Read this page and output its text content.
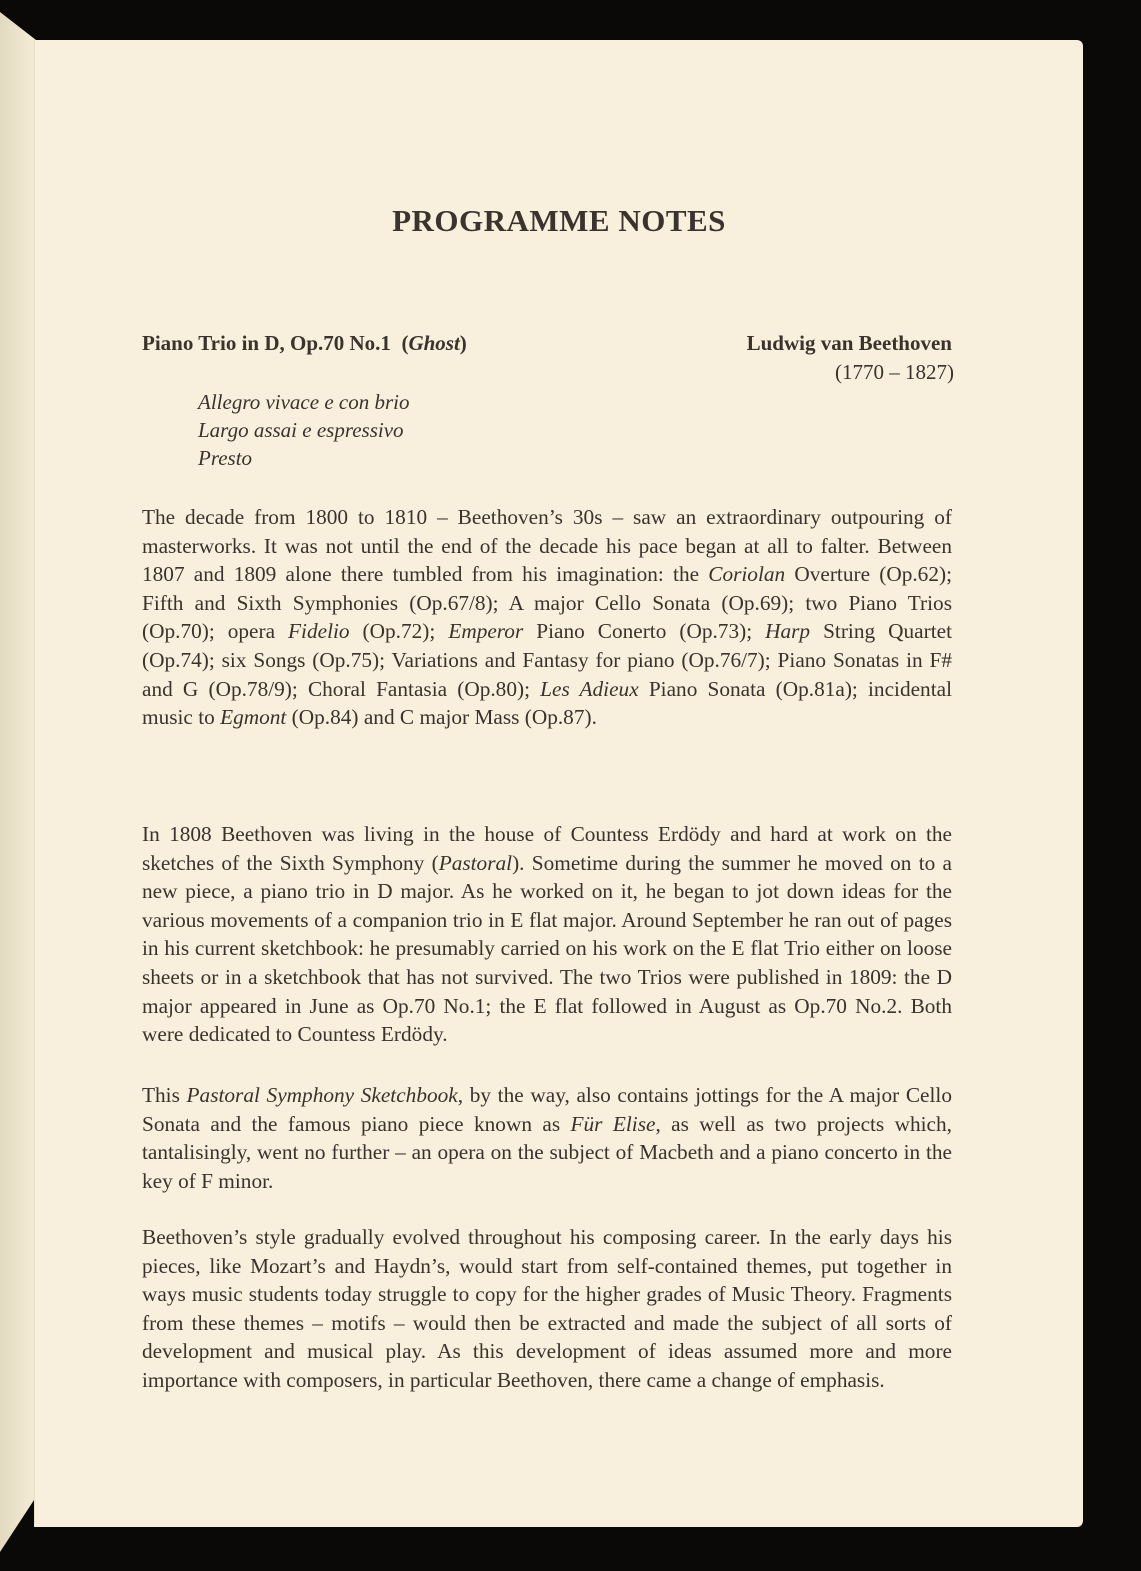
PROGRAMME NOTES
Piano Trio in D, Op.70 No.1 (Ghost)	Ludwig van Beethoven
(1770 – 1827)
Allegro vivace e con brio
Largo assai e espressivo
Presto

The decade from 1800 to 1810 – Beethoven’s 30s – saw an extraordinary outpouring of masterworks. It was not until the end of the decade his pace began at all to falter. Between 1807 and 1809 alone there tumbled from his imagination: the Coriolan Overture (Op.62); Fifth and Sixth Symphonies (Op.67/8); A major Cello Sonata (Op.69); two Piano Trios (Op.70); opera Fidelio (Op.72); Emperor Piano Conerto (Op.73); Harp String Quartet (Op.74); six Songs (Op.75); Variations and Fantasy for piano (Op.76/7); Piano Sonatas in F# and G (Op.78/9); Choral Fantasia (Op.80); Les Adieux Piano Sonata (Op.81a); incidental music to Egmont (Op.84) and C major Mass (Op.87).

In 1808 Beethoven was living in the house of Countess Erdödy and hard at work on the sketches of the Sixth Symphony (Pastoral). Sometime during the summer he moved on to a new piece, a piano trio in D major. As he worked on it, he began to jot down ideas for the various movements of a companion trio in E flat major. Around September he ran out of pages in his current sketchbook: he presumably carried on his work on the E flat Trio either on loose sheets or in a sketchbook that has not survived. The two Trios were published in 1809: the D major appeared in June as Op.70 No.1; the E flat followed in August as Op.70 No.2. Both were dedicated to Countess Erdödy.

This Pastoral Symphony Sketchbook, by the way, also contains jottings for the A major Cello Sonata and the famous piano piece known as Für Elise, as well as two projects which, tantalisingly, went no further – an opera on the subject of Macbeth and a piano concerto in the key of F minor.

Beethoven’s style gradually evolved throughout his composing career. In the early days his pieces, like Mozart’s and Haydn’s, would start from self-contained themes, put together in ways music students today struggle to copy for the higher grades of Music Theory. Fragments from these themes – motifs – would then be extracted and made the subject of all sorts of development and musical play. As this development of ideas assumed more and more importance with composers, in particular Beethoven, there came a change of emphasis.
